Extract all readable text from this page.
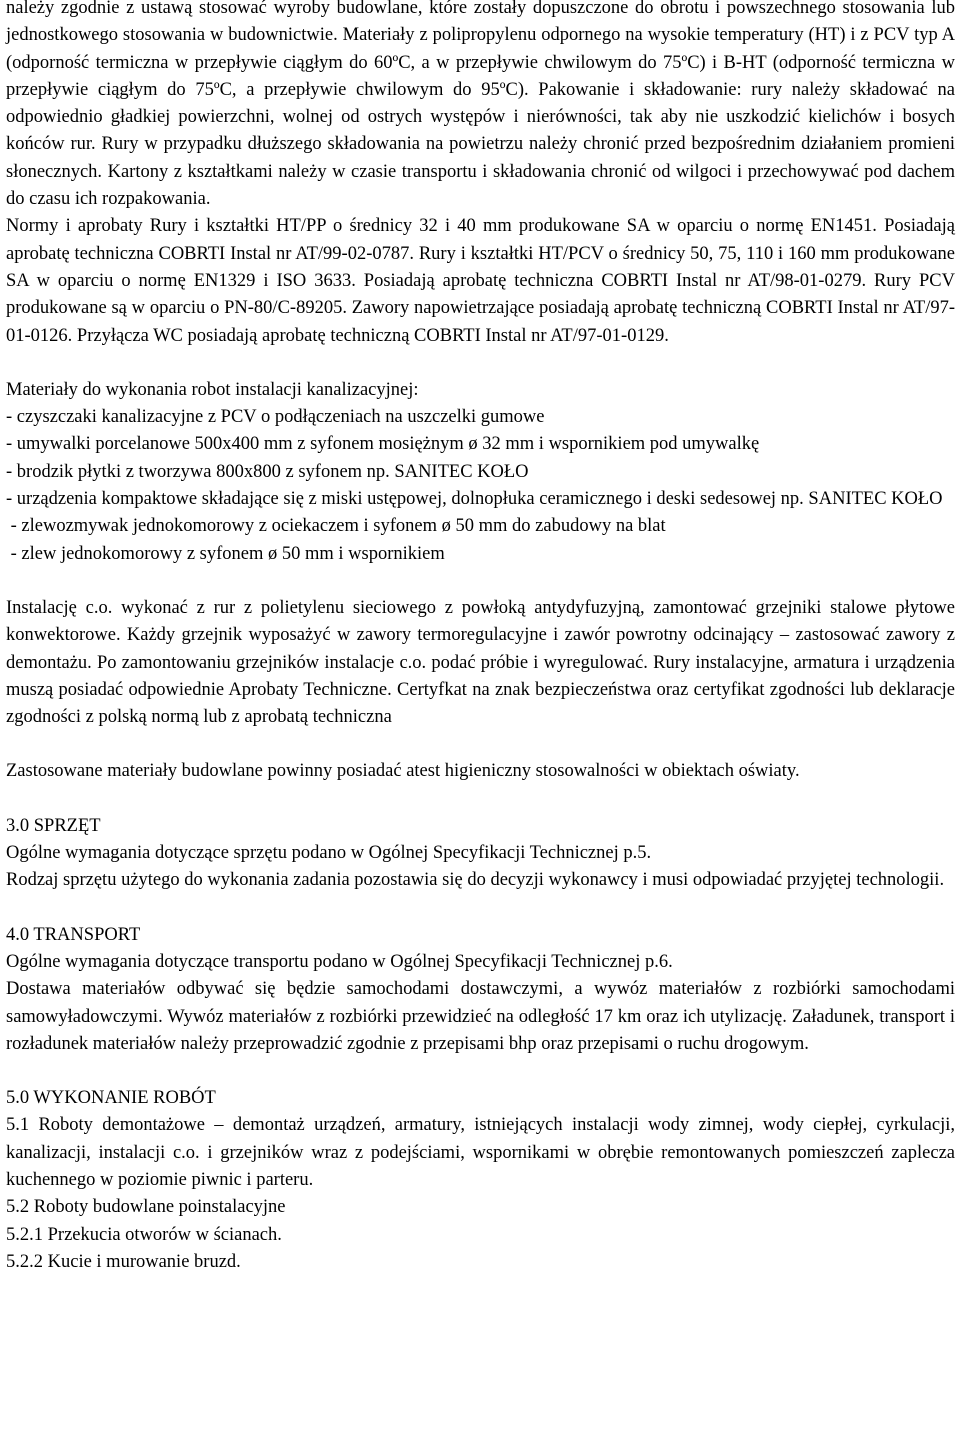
należy zgodnie z ustawą stosować wyroby budowlane, które zostały dopuszczone do obrotu i powszechnego stosowania lub jednostkowego stosowania w budownictwie. Materiały z polipropylenu odpornego na wysokie temperatury (HT) i z PCV typ A (odporność termiczna w przepływie ciągłym do 60ºC, a w przepływie chwilowym do 75ºC) i B-HT (odporność termiczna w przepływie ciągłym do 75ºC, a przepływie chwilowym do 95ºC). Pakowanie i składowanie: rury należy składować na odpowiednio gładkiej powierzchni, wolnej od ostrych występów i nierówności, tak aby nie uszkodzić kielichów i bosych końców rur. Rury w przypadku dłuższego składowania na powietrzu należy chronić przed bezpośrednim działaniem promieni słonecznych. Kartony z kształtkami należy w czasie transportu i składowania chronić od wilgoci i przechowywać pod dachem do czasu ich rozpakowania.

Normy i aprobaty Rury i kształtki HT/PP o średnicy 32 i 40 mm produkowane SA w oparciu o normę EN1451. Posiadają aprobatę techniczna COBRTI Instal nr AT/99-02-0787. Rury i kształtki HT/PCV o średnicy 50, 75, 110 i 160 mm produkowane SA w oparciu o normę EN1329 i ISO 3633. Posiadają aprobatę techniczna COBRTI Instal nr AT/98-01-0279. Rury PCV produkowane są w oparciu o PN-80/C-89205. Zawory napowietrzające posiadają aprobatę techniczną COBRTI Instal nr AT/97-01-0126. Przyłącza WC posiadają aprobatę techniczną COBRTI Instal nr AT/97-01-0129.

Materiały do wykonania robot instalacji kanalizacyjnej:

- czyszczaki kanalizacyjne z PCV o podłączeniach na uszczelki gumowe

- umywalki porcelanowe 500x400 mm z syfonem mosiężnym ø 32 mm i wspornikiem pod umywalkę

- brodzik płytki z tworzywa 800x800 z syfonem np. SANITEC KOŁO

- urządzenia kompaktowe składające się z miski ustępowej, dolnopłuka ceramicznego i deski sedesowej np. SANITEC KOŁO

- zlewozmywak jednokomorowy z ociekaczem i syfonem ø 50 mm do zabudowy na blat

- zlew jednokomorowy z syfonem ø 50 mm i wspornikiem

Instalację c.o. wykonać z rur z polietylenu sieciowego z powłoką antydyfuzyjną, zamontować grzejniki stalowe płytowe konwektorowe. Każdy grzejnik wyposażyć w zawory termoregulacyjne i zawór powrotny odcinający – zastosować zawory z demontażu. Po zamontowaniu grzejników instalacje c.o. podać próbie i wyregulować. Rury instalacyjne, armatura i urządzenia muszą posiadać odpowiednie Aprobaty Techniczne. Certyfkat na znak bezpieczeństwa oraz certyfikat zgodności lub deklaracje zgodności z polską normą lub z aprobatą techniczna

Zastosowane materiały budowlane powinny posiadać atest higieniczny stosowalności w obiektach oświaty.

3.0 SPRZĘT

Ogólne wymagania dotyczące sprzętu podano w Ogólnej Specyfikacji Technicznej p.5.

Rodzaj sprzętu użytego do wykonania zadania pozostawia się do decyzji wykonawcy i musi odpowiadać przyjętej technologii.

4.0 TRANSPORT

Ogólne wymagania dotyczące transportu podano w Ogólnej Specyfikacji Technicznej p.6.

Dostawa materiałów odbywać się będzie samochodami dostawczymi, a wywóz materiałów z rozbiórki samochodami samowyładowczymi. Wywóz materiałów z rozbiórki przewidzieć na odległość 17 km oraz ich utylizację. Załadunek, transport i rozładunek materiałów należy przeprowadzić zgodnie z przepisami bhp oraz przepisami o ruchu drogowym.

5.0 WYKONANIE ROBÓT

5.1 Roboty demontażowe – demontaż urządzeń, armatury, istniejących instalacji wody zimnej, wody ciepłej, cyrkulacji, kanalizacji, instalacji c.o. i grzejników wraz z podejściami, wspornikami w obrębie remontowanych pomieszczeń zaplecza kuchennego w poziomie piwnic i parteru.

5.2 Roboty budowlane poinstalacyjne

5.2.1 Przekucia otworów w ścianach.

5.2.2 Kucie i murowanie bruzd.
